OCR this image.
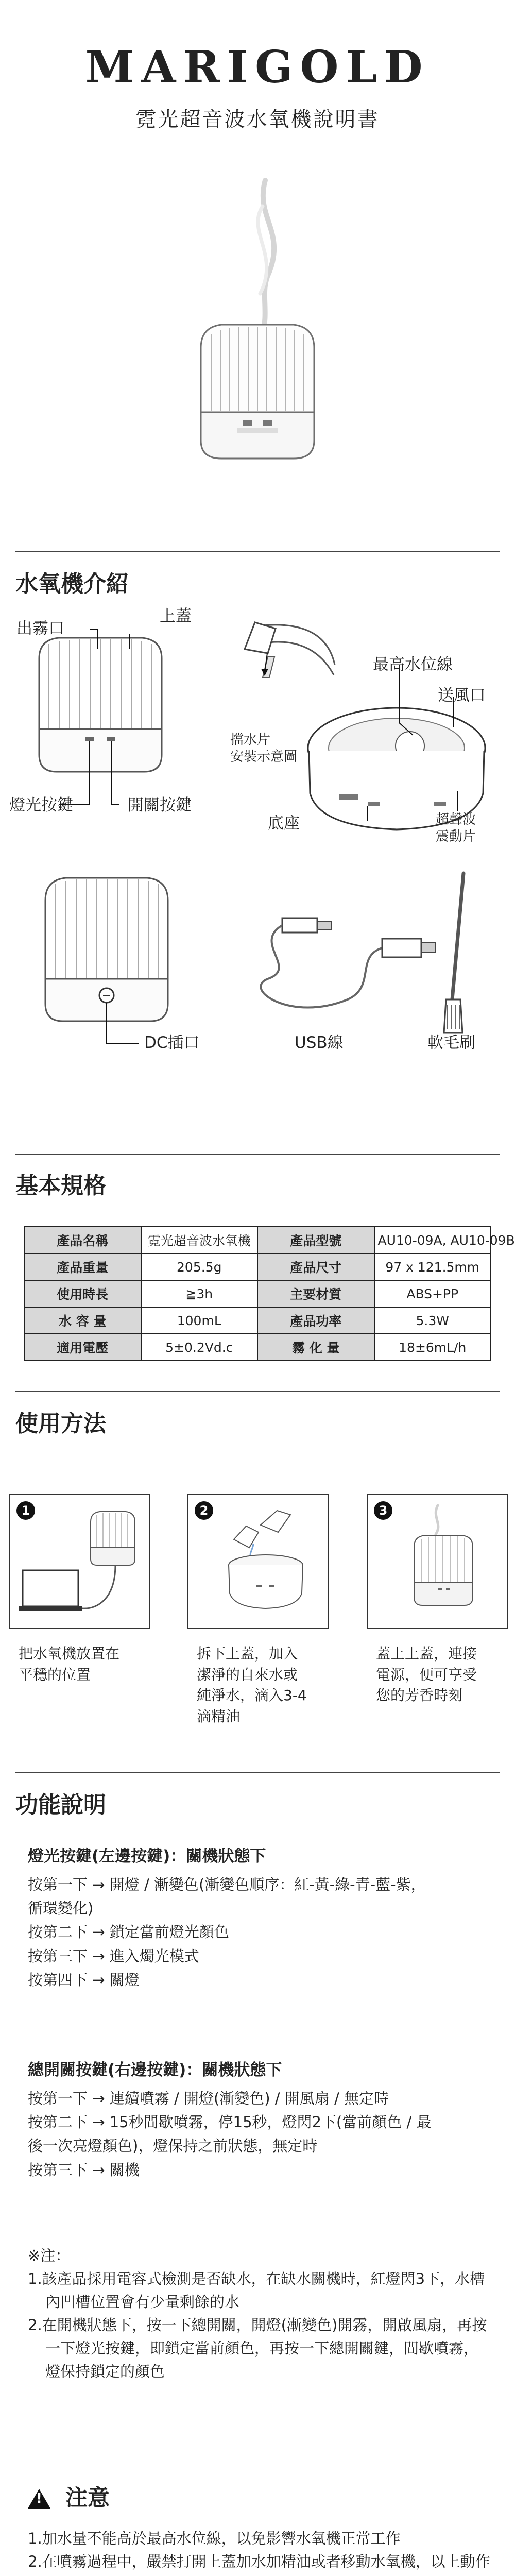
MARIGOLD
霓光超音波水氧機說明書
水氧機介紹
出霧口
上蓋
燈光按鍵	開關按鍵
擋水片
安裝示意圖
最高水位線
送風口
底座	超聲波
震動片
DC插口	USB線	軟毛刷
基本規格
產品名稱	霓光超音波水氧機	產品型號	AU10-09A, AU10-09B
產品重量	205.5g	產品尺寸	97 x 121.5mm
使用時長	≧3h	主要材質	ABS+PP
水 容 量	100mL	產品功率	5.3W
適用電壓	5±0.2Vd.c	霧 化 量	18±6mL/h
使用方法
1	2	3
把水氧機放置在
平穩的位置
拆下上蓋，加入
潔淨的自來水或
純淨水，滴入3-4
滴精油
蓋上上蓋，連接
電源，便可享受
您的芳香時刻
功能說明
燈光按鍵(左邊按鍵)：關機狀態下
按第一下 → 開燈 / 漸變色(漸變色順序：紅-黃-綠-青-藍-紫，
循環變化)
按第二下 → 鎖定當前燈光顏色
按第三下 → 進入燭光模式
按第四下 → 關燈
總開關按鍵(右邊按鍵)：關機狀態下
按第一下 → 連續噴霧 / 開燈(漸變色) / 開風扇 / 無定時
按第二下 → 15秒間歇噴霧，停15秒，燈閃2下(當前顏色 / 最
後一次亮燈顏色)，燈保持之前狀態，無定時
按第三下 → 關機
※注：
1.該產品採用電容式檢測是否缺水，在缺水關機時，紅燈閃3下，水槽內凹槽位置會有少量剩餘的水
2.在開機狀態下，按一下總開關，開燈(漸變色)開霧，開啟風扇，再按一下燈光按鍵，即鎖定當前顏色，再按一下總開關鍵，間歇噴霧，燈保持鎖定的顏色
! 注意
1.加水量不能高於最高水位線，以免影響水氧機正常工作
2.在噴霧過程中，嚴禁打開上蓋加水加精油或者移動水氧機，以上動作
